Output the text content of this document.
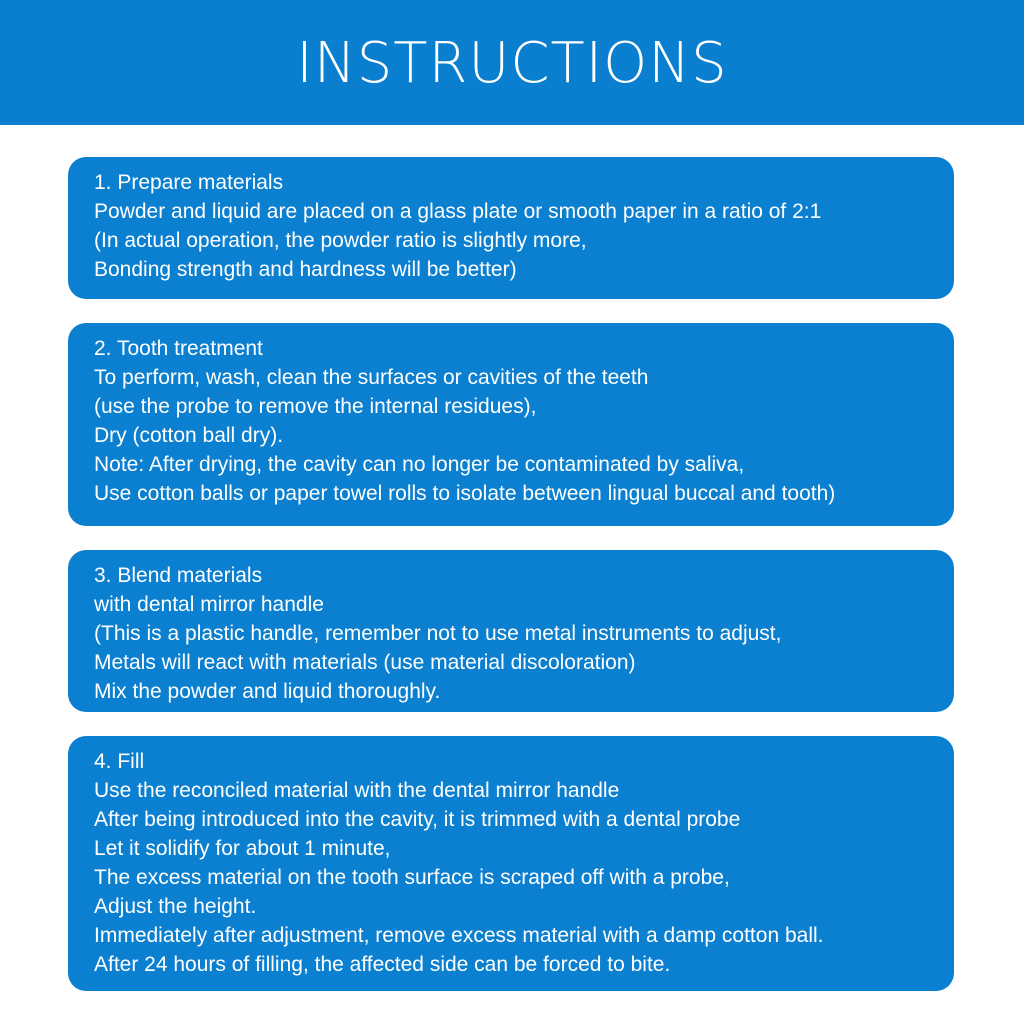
INSTRUCTIONS
1. Prepare materials
Powder and liquid are placed on a glass plate or smooth paper in a ratio of 2:1
(In actual operation, the powder ratio is slightly more,
Bonding strength and hardness will be better)
2. Tooth treatment
To perform, wash, clean the surfaces or cavities of the teeth
(use the probe to remove the internal residues),
Dry (cotton ball dry).
Note: After drying, the cavity can no longer be contaminated by saliva,
Use cotton balls or paper towel rolls to isolate between lingual buccal and tooth)
3. Blend materials
with dental mirror handle
(This is a plastic handle, remember not to use metal instruments to adjust,
Metals will react with materials (use material discoloration)
Mix the powder and liquid thoroughly.
4. Fill
Use the reconciled material with the dental mirror handle
After being introduced into the cavity, it is trimmed with a dental probe
Let it solidify for about 1 minute,
The excess material on the tooth surface is scraped off with a probe,
Adjust the height.
Immediately after adjustment, remove excess material with a damp cotton ball.
After 24 hours of filling, the affected side can be forced to bite.
